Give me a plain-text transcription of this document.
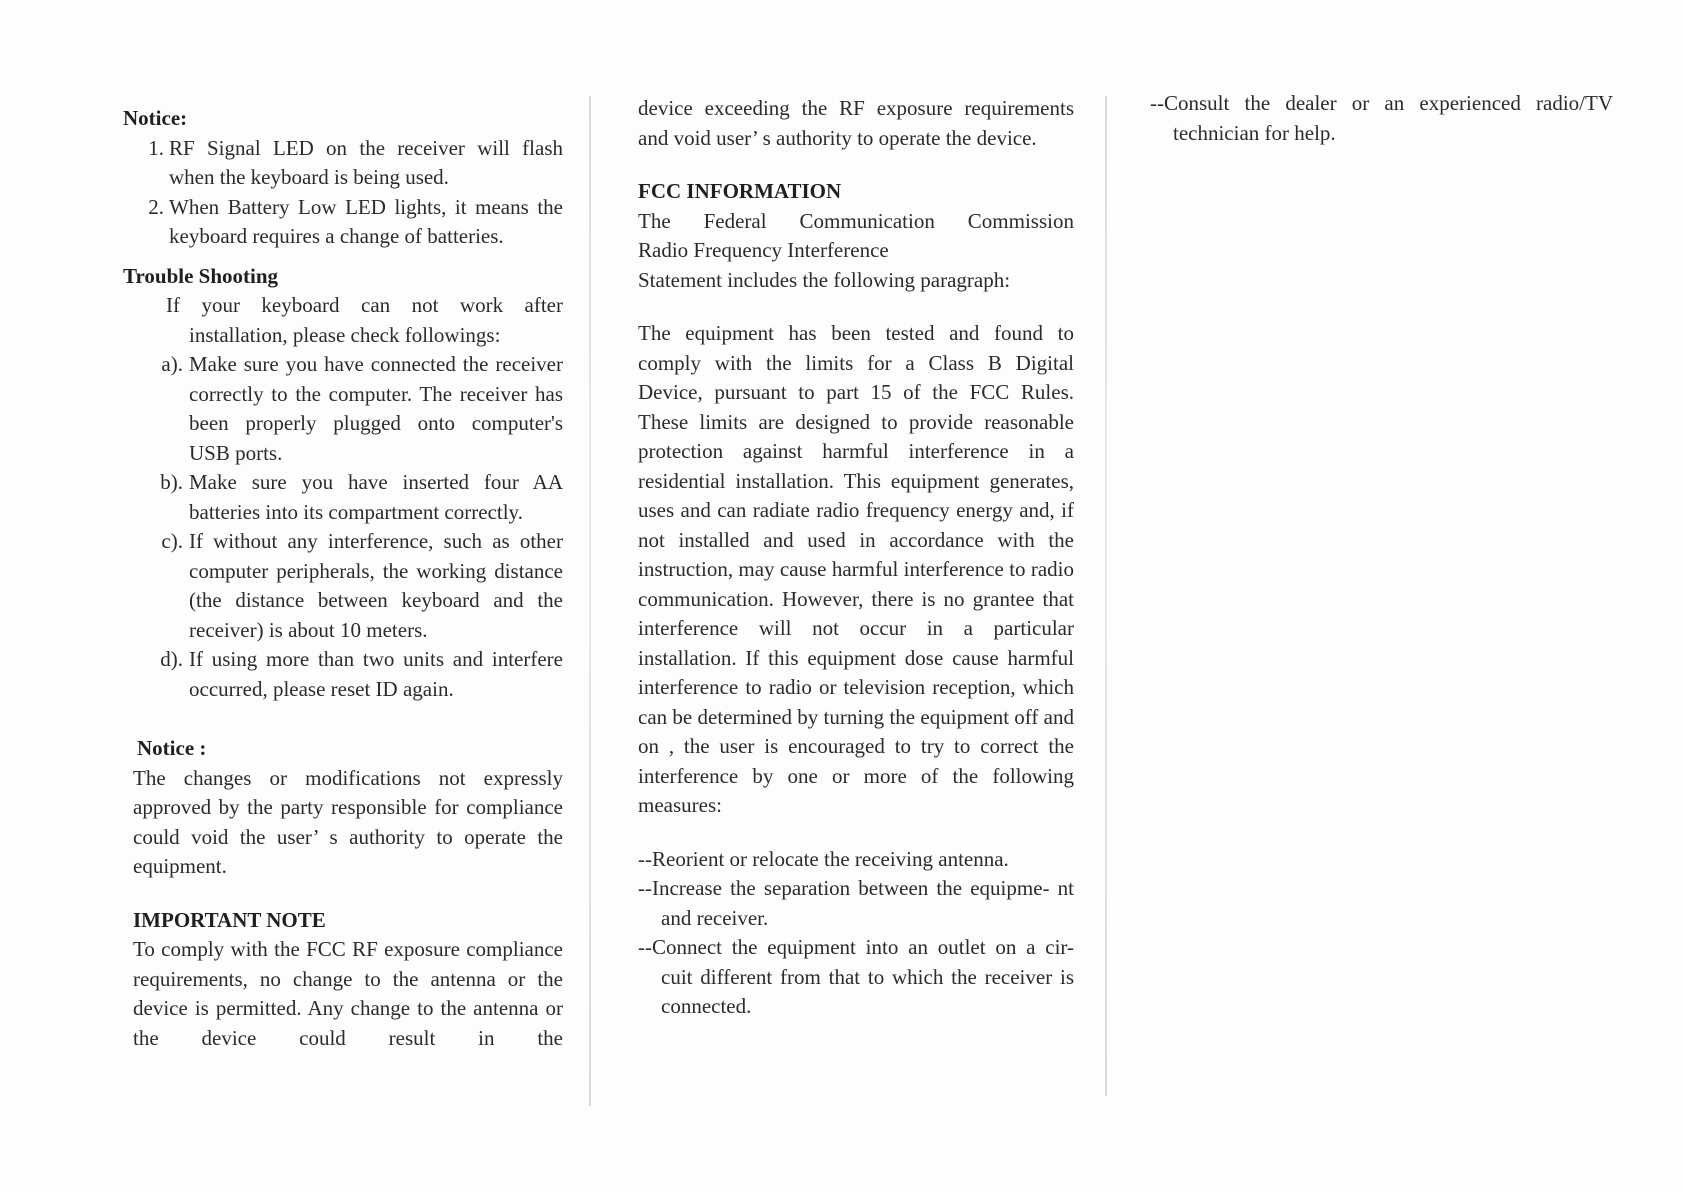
Notice:

1. RF Signal LED on the receiver will flash when the keyboard is being used.
2. When Battery Low LED lights, it means the keyboard requires a change of batteries.

Trouble Shooting

If your keyboard can not work after
installation, please check followings:
a). Make sure you have connected the receiver correctly to the computer. The receiver has been properly plugged onto computer's USB ports.
b). Make sure you have inserted four AA batteries into its compartment correctly.
c). If without any interference, such as other computer peripherals, the working distance (the distance between keyboard and the receiver) is about 10 meters.
d). If using more than two units and interfere occurred, please reset ID again.

Notice :

The changes or modifications not expressly approved by the party responsible for compliance could void the user’ s authority to operate the equipment.

IMPORTANT NOTE

To comply with the FCC RF exposure compliance requirements, no change to the antenna or the device is permitted. Any change to the antenna or the device could result in the

device exceeding the RF exposure requirements and void user’ s authority to operate the device.

FCC INFORMATION

The Federal Communication Commission

Radio Frequency Interference

Statement includes the following paragraph:

The equipment has been tested and found to comply with the limits for a Class B Digital Device, pursuant to part 15 of the FCC Rules. These limits are designed to provide reasonable protection against harmful interference in a residential installation. This equipment generates, uses and can radiate radio frequency energy and, if not installed and used in accordance with the instruction, may cause harmful interference to radio communication. However, there is no grantee that interference will not occur in a particular installation. If this equipment dose cause harmful interference to radio or television reception, which can be determined by turning the equipment off and on , the user is encouraged to try to correct the interference by one or more of the following measures:

--Reorient or relocate the receiving antenna.

--Increase the separation between the equipme- nt and receiver.

--Connect the equipment into an outlet on a cir- cuit different from that to which the receiver is connected.

--Consult the dealer or an experienced radio/TV technician for help.
